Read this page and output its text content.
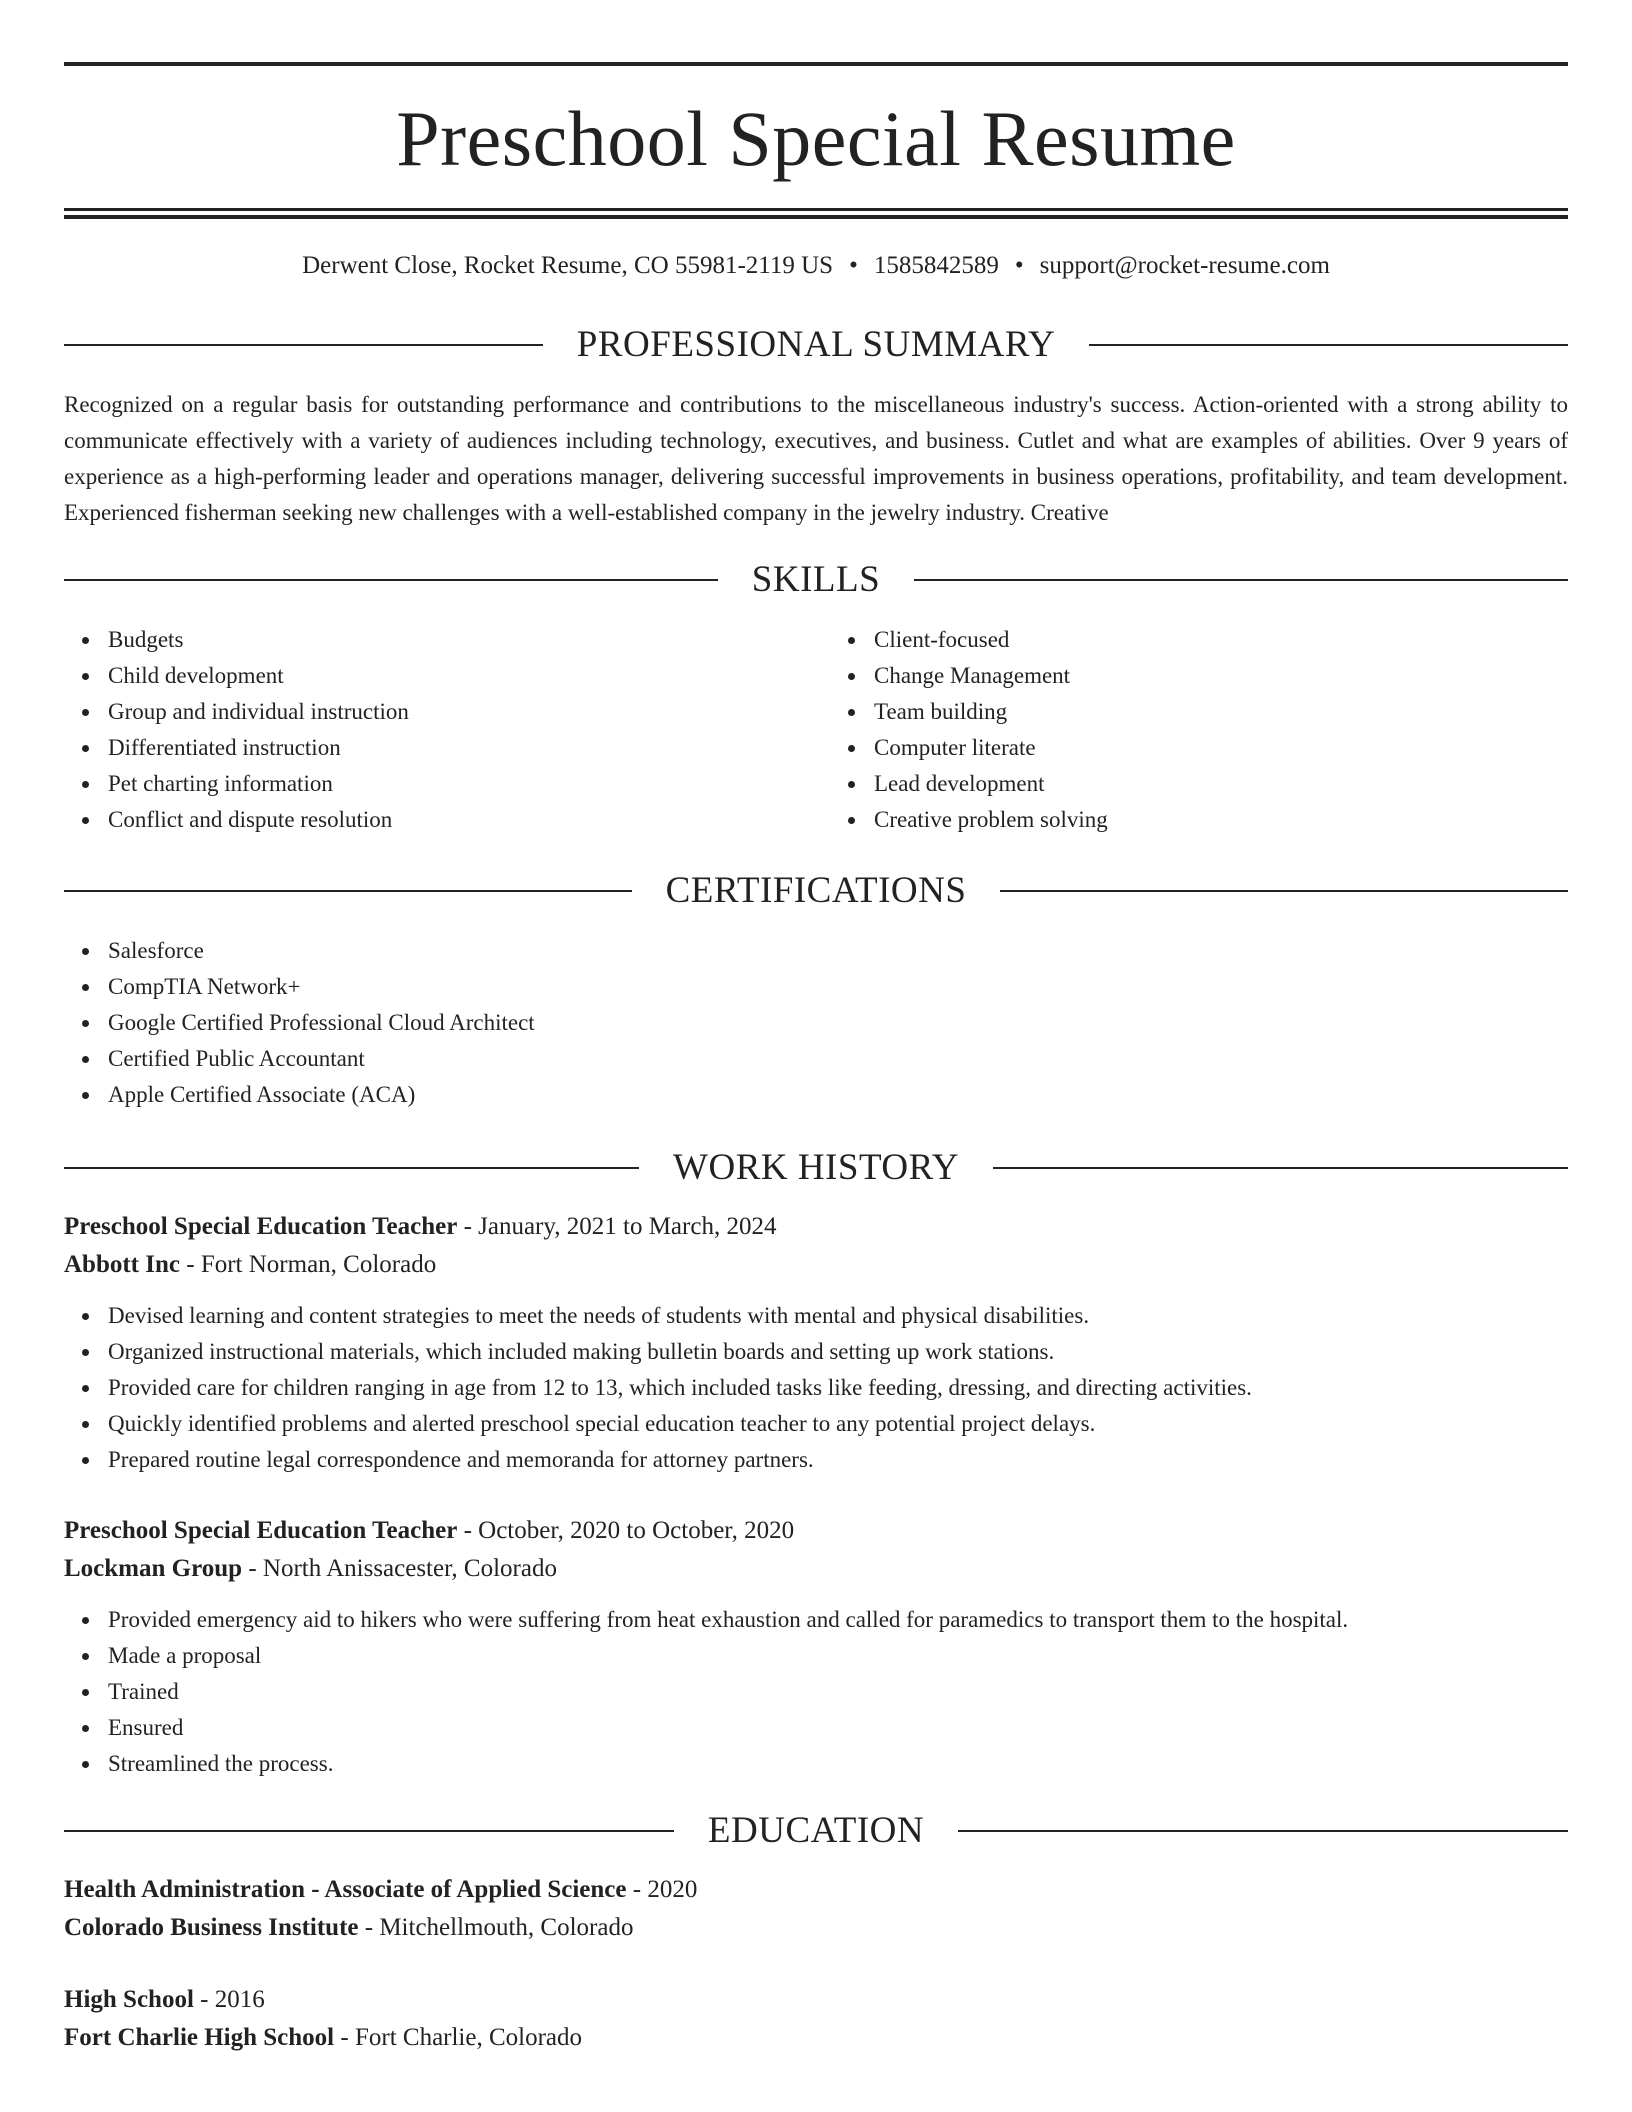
Preschool Special Resume
Derwent Close, Rocket Resume, CO 55981-2119 US • 1585842589 • support@rocket-resume.com
PROFESSIONAL SUMMARY
Recognized on a regular basis for outstanding performance and contributions to the miscellaneous industry's success. Action-oriented with a strong ability to communicate effectively with a variety of audiences including technology, executives, and business. Cutlet and what are examples of abilities. Over 9 years of experience as a high-performing leader and operations manager, delivering successful improvements in business operations, profitability, and team development. Experienced fisherman seeking new challenges with a well-established company in the jewelry industry. Creative
SKILLS
Budgets
Child development
Group and individual instruction
Differentiated instruction
Pet charting information
Conflict and dispute resolution
Client-focused
Change Management
Team building
Computer literate
Lead development
Creative problem solving
CERTIFICATIONS
Salesforce
CompTIA Network+
Google Certified Professional Cloud Architect
Certified Public Accountant
Apple Certified Associate (ACA)
WORK HISTORY
Preschool Special Education Teacher - January, 2021 to March, 2024
Abbott Inc - Fort Norman, Colorado
Devised learning and content strategies to meet the needs of students with mental and physical disabilities.
Organized instructional materials, which included making bulletin boards and setting up work stations.
Provided care for children ranging in age from 12 to 13, which included tasks like feeding, dressing, and directing activities.
Quickly identified problems and alerted preschool special education teacher to any potential project delays.
Prepared routine legal correspondence and memoranda for attorney partners.
Preschool Special Education Teacher - October, 2020 to October, 2020
Lockman Group - North Anissacester, Colorado
Provided emergency aid to hikers who were suffering from heat exhaustion and called for paramedics to transport them to the hospital.
Made a proposal
Trained
Ensured
Streamlined the process.
EDUCATION
Health Administration - Associate of Applied Science - 2020
Colorado Business Institute - Mitchellmouth, Colorado
High School - 2016
Fort Charlie High School - Fort Charlie, Colorado
